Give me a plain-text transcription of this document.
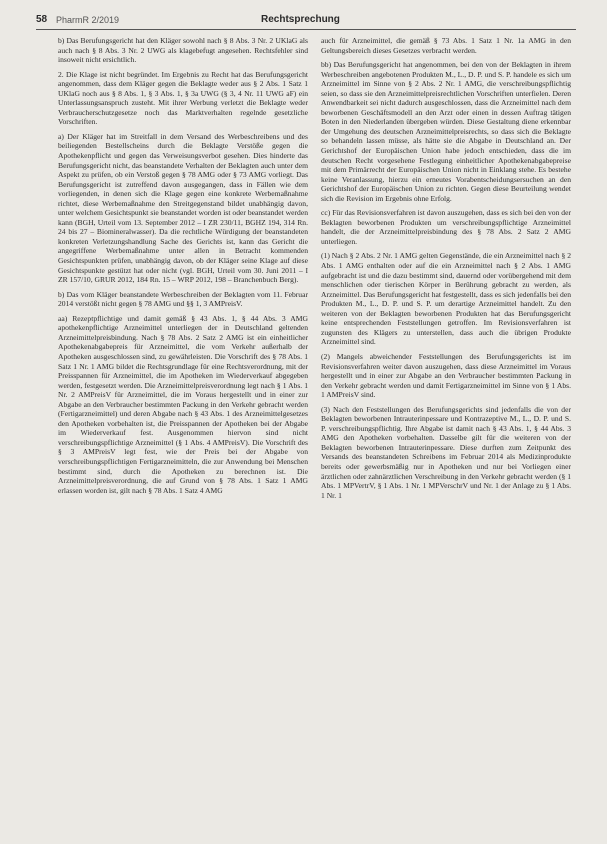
58 PharmR 2/2019	Rechtsprechung

b) Das Berufungsgericht hat den Kläger sowohl nach § 8 Abs. 3 Nr. 2 UKlaG als auch nach § 8 Abs. 3 Nr. 2 UWG als klagebefugt angesehen. Rechtsfehler sind insoweit nicht ersichtlich.

2. Die Klage ist nicht begründet. Im Ergebnis zu Recht hat das Berufungsgericht angenommen, dass dem Kläger gegen die Beklagte weder aus § 2 Abs. 1 Satz 1 UKlaG noch aus § 8 Abs. 1, § 3 Abs. 1, § 3a UWG (§ 3, 4 Nr. 11 UWG aF) ein Unterlassungsanspruch zusteht. Mit ihrer Werbung verletzt die Beklagte weder Verbraucherschutzgesetze noch das Marktverhalten regelnde gesetzliche Vorschriften.

a) Der Kläger hat im Streitfall in dem Versand des Werbeschreibens und des beiliegenden Bestellscheins durch die Beklagte Verstöße gegen die Apothekenpflicht und gegen das Verweisungsverbot gesehen. Dies hinderte das Berufungsgericht nicht, das beanstandete Verhalten der Beklagten auch unter dem Aspekt zu prüfen, ob ein Verstoß gegen § 78 AMG oder § 73 AMG vorliegt. Das Berufungsgericht ist zutreffend davon ausgegangen, dass in Fällen wie dem vorliegenden, in denen sich die Klage gegen eine konkrete Werbemaßnahme richtet, diese Werbemaßnahme den Streitgegenstand bildet unabhängig davon, unter welchem Gesichtspunkt sie beanstandet worden ist oder beanstandet werden kann (BGH, Urteil vom 13. September 2012 – I ZR 230/11, BGHZ 194, 314 Rn. 24 bis 27 – Biomineralwasser). Da die rechtliche Würdigung der beanstandeten konkreten Verletzungshandlung Sache des Gerichts ist, kann das Gericht die angegriffene Werbemaßnahme unter allen in Betracht kommenden Gesichtspunkten prüfen, unabhängig davon, ob der Kläger seine Klage auf diese Gesichtspunkte gestützt hat oder nicht (vgl. BGH, Urteil vom 30. Juni 2011 – I ZR 157/10, GRUR 2012, 184 Rn. 15 – WRP 2012, 198 – Branchenbuch Berg).

b) Das vom Kläger beanstandete Werbeschreiben der Beklagten vom 11. Februar 2014 verstößt nicht gegen § 78 AMG und §§ 1, 3 AMPreisV.

aa) Rezeptpflichtige und damit gemäß § 43 Abs. 1, § 44 Abs. 3 AMG apothekenpflichtige Arzneimittel unterliegen der in Deutschland geltenden Arzneimittelpreisbindung. Nach § 78 Abs. 2 Satz 2 AMG ist ein einheitlicher Apothekenabgabepreis für Arzneimittel, die vom Verkehr außerhalb der Apotheken ausgeschlossen sind, zu gewährleisten. Die Vorschrift des § 78 Abs. 1 Satz 1 Nr. 1 AMG bildet die Rechtsgrundlage für eine Rechtsverordnung, mit der Preisspannen für Arzneimittel, die im Apotheken im Wiederverkauf abgegeben werden, festgesetzt werden. Die Arzneimittelpreisverordnung legt nach § 1 Abs. 1 Nr. 2 AMPreisV für Arzneimittel, die im Voraus hergestellt und in einer zur Abgabe an den Verbraucher bestimmten Packung in den Verkehr gebracht werden (Fertigarzneimittel) und deren Abgabe nach § 43 Abs. 1 des Arzneimittelgesetzes den Apotheken vorbehalten ist, die Preisspannen der Apotheken bei der Abgabe im Wiederverkauf fest. Ausgenommen hiervon sind nicht verschreibungspflichtige Arzneimittel (§ 1 Abs. 4 AMPreisV). Die Vorschrift des § 3 AMPreisV legt fest, wie der Preis bei der Abgabe von verschreibungspflichtigen Fertigarzneimitteln, die zur Anwendung bei Menschen bestimmt sind, durch die Apotheken zu berechnen ist. Die Arzneimittelpreisverordnung, die auf Grund von § 78 Abs. 1 Satz 1 AMG erlassen worden ist, gilt nach § 78 Abs. 1 Satz 4 AMG

auch für Arzneimittel, die gemäß § 73 Abs. 1 Satz 1 Nr. 1a AMG in den Geltungsbereich dieses Gesetzes verbracht werden.

bb) Das Berufungsgericht hat angenommen, bei den von der Beklagten in ihrem Werbeschreiben angebotenen Produkten M., L., D. P. und S. P. handele es sich um Arzneimittel im Sinne von § 2 Abs. 2 Nr. 1 AMG, die verschreibungspflichtig seien, so dass sie den Arzneimittelpreisrechtlichen Vorschriften unterfielen. Deren Anwendbarkeit sei nicht dadurch ausgeschlossen, dass die Arzneimittel nach dem beworbenen Geschäftsmodell an den Arzt oder einen in dessen Auftrag tätigen Boten in den Niederlanden übergeben würden. Diese Gestaltung diene erkennbar der Umgehung des deutschen Arzneimittelpreisrechts, so dass sich die Beklagte so behandeln lassen müsse, als hätte sie die Abgabe in Deutschland an. Der Gerichtshof der Europäischen Union habe jedoch entschieden, dass die im deutschen Recht vorgesehene Festlegung einheitlicher Apothekenabgabepreise mit dem Primärrecht der Europäischen Union nicht in Einklang stehe. Es bestehe keine Veranlassung, hierzu ein erneutes Vorabentscheidungsersuchen an den Gerichtshof der Europäischen Union zu richten. Gegen diese Beurteilung wendet sich die Revision im Ergebnis ohne Erfolg.

cc) Für das Revisionsverfahren ist davon auszugehen, dass es sich bei den von der Beklagten beworbenen Produkten um verschreibungspflichtige Arzneimittel handelt, die der Arzneimittelpreisbindung des § 78 Abs. 2 Satz 2 AMG unterliegen.

(1) Nach § 2 Abs. 2 Nr. 1 AMG gelten Gegenstände, die ein Arzneimittel nach § 2 Abs. 1 AMG enthalten oder auf die ein Arzneimittel nach § 2 Abs. 1 AMG aufgebracht ist und die dazu bestimmt sind, dauernd oder vorübergehend mit dem menschlichen oder tierischen Körper in Berührung gebracht zu werden, als Arzneimittel. Das Berufungsgericht hat festgestellt, dass es sich jedenfalls bei den Produkten M., L., D. P. und S. P. um derartige Arzneimittel handelt. Zu den weiteren von der Beklagten beworbenen Produkten hat das Berufungsgericht keine entsprechenden Feststellungen getroffen. Im Revisionsverfahren ist zugunsten des Klägers zu unterstellen, dass auch die übrigen Produkte Arzneimittel sind.

(2) Mangels abweichender Feststellungen des Berufungsgerichts ist im Revisionsverfahren weiter davon auszugehen, dass diese Arzneimittel im Voraus hergestellt und in einer zur Abgabe an den Verbraucher bestimmten Packung in den Verkehr gebracht werden und damit Fertigarzneimittel im Sinne von § 1 Abs. 1 AMPreisV sind.

(3) Nach den Feststellungen des Berufungsgerichts sind jedenfalls die von der Beklagten beworbenen Intrauterinpessare und Kontrazeptive M., L., D. P. und S. P. verschreibungspflichtig. Ihre Abgabe ist damit nach § 43 Abs. 1, § 44 Abs. 3 AMG den Apotheken vorbehalten. Dasselbe gilt für die weiteren von der Beklagten beworbenen Intrauterinpessare. Diese durften zum Zeitpunkt des Versands des beanstandeten Schreibens im Februar 2014 als Medizinprodukte bereits oder gewerbsmäßig nur in Apotheken und nur bei Vorliegen einer ärztlichen oder zahnärztlichen Verschreibung in den Verkehr gebracht werden (§ 1 Abs. 1 MPVertrV, § 1 Abs. 1 Nr. 1 MPVerschrV und Nr. 1 der Anlage zu § 1 Abs. 1 Nr. 1
